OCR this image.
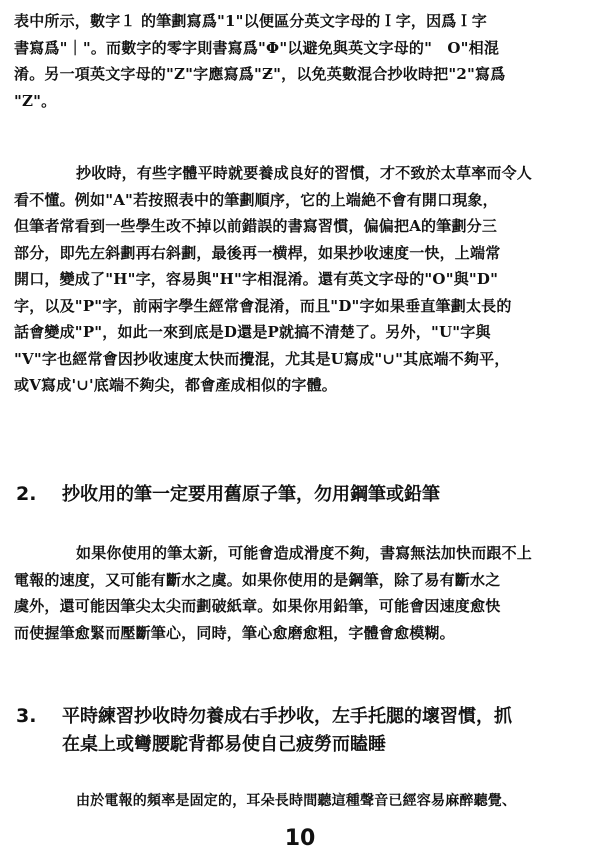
表中所示，數字１ 的筆劃寫爲"1"以便區分英文字母的Ｉ字，因爲Ｉ字
書寫爲"｜"。而數字的零字則書寫爲"Φ"以避免與英文字母的"　O"相混
淆。另一項英文字母的"Z"字應寫爲"Ƶ"，以免英數混合抄收時把"2"寫爲
"Z"。

抄收時，有些字體平時就要養成良好的習慣，才不致於太草率而令人
看不懂。例如"A"若按照表中的筆劃順序，它的上端絶不會有開口現象，
但筆者常看到一些學生改不掉以前錯誤的書寫習慣，偏偏把A的筆劃分三
部分，即先左斜劃再右斜劃，最後再一横桿，如果抄收速度一快，上端常
開口，變成了"H"字，容易與"H"字相混淆。還有英文字母的"O"與"D"
字，以及"P"字，前兩字學生經常會混淆，而且"D"字如果垂直筆劃太長的
話會變成"P"，如此一來到底是D還是P就搞不清楚了。另外，"U"字與
"V"字也經常會因抄收速度太快而攪混，尤其是U寫成"∪"其底端不夠平，
或V寫成'∪'底端不夠尖，都會產成相似的字體。

2. 抄收用的筆一定要用舊原子筆，勿用鋼筆或鉛筆

如果你使用的筆太新，可能會造成滑度不夠，書寫無法加快而跟不上
電報的速度，又可能有斷水之虞。如果你使用的是鋼筆，除了易有斷水之
虞外，還可能因筆尖太尖而劃破紙章。如果你用鉛筆，可能會因速度愈快
而使握筆愈緊而壓斷筆心，同時，筆心愈磨愈粗，字體會愈模糊。

3. 平時練習抄收時勿養成右手抄收，左手托腮的壞習慣，抓
在桌上或彎腰駝背都易使自己疲勞而瞌睡

由於電報的頻率是固定的，耳朵長時間聽這種聲音已經容易麻醉聽覺、

10
